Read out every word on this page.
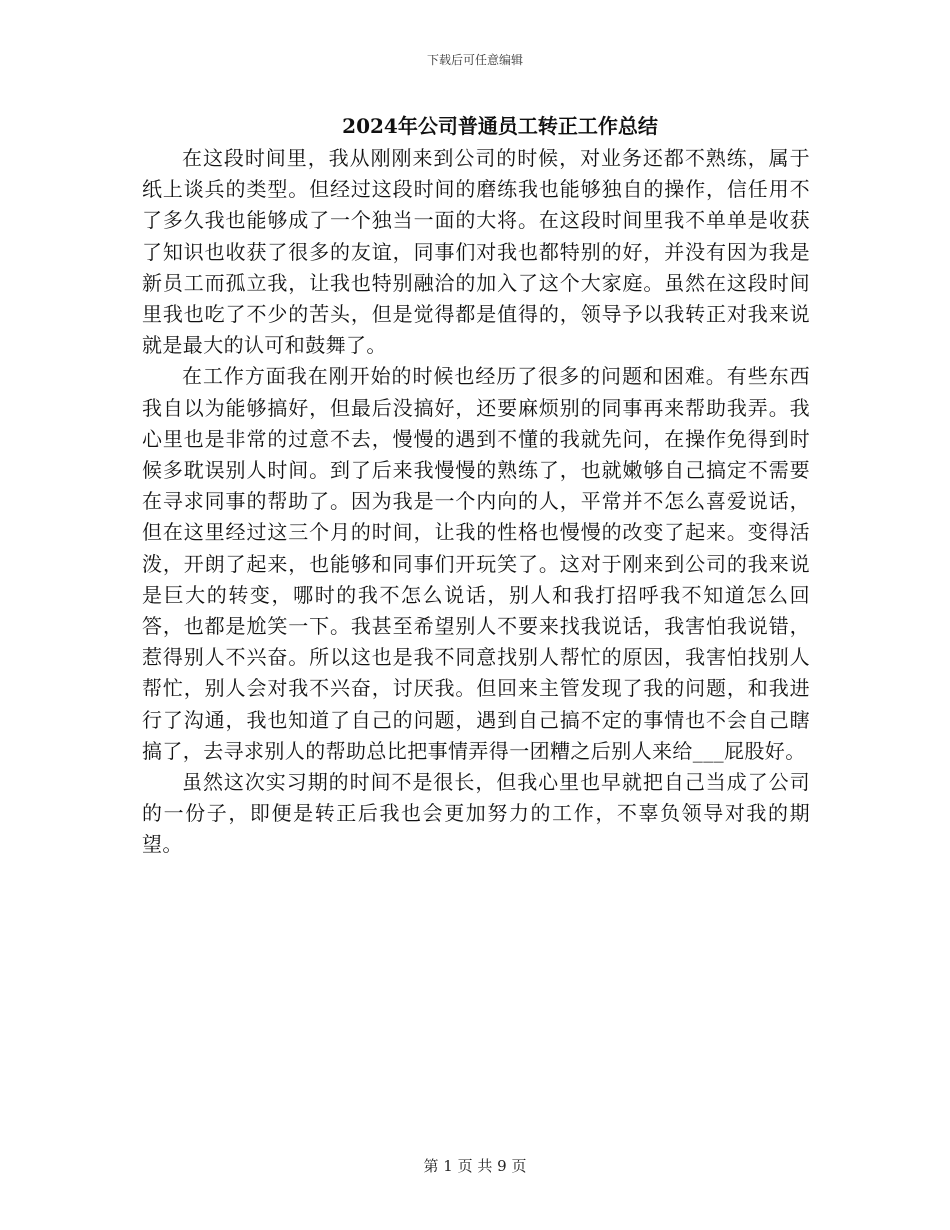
下载后可任意编辑
2024年公司普通员工转正工作总结

在这段时间里，我从刚刚来到公司的时候，对业务还都不熟练，属于纸上谈兵的类型。但经过这段时间的磨练我也能够独自的操作，信任用不了多久我也能够成了一个独当一面的大将。在这段时间里我不单单是收获了知识也收获了很多的友谊，同事们对我也都特别的好，并没有因为我是新员工而孤立我，让我也特别融洽的加入了这个大家庭。虽然在这段时间里我也吃了不少的苦头，但是觉得都是值得的，领导予以我转正对我来说就是最大的认可和鼓舞了。

在工作方面我在刚开始的时候也经历了很多的问题和困难。有些东西我自以为能够搞好，但最后没搞好，还要麻烦别的同事再来帮助我弄。我心里也是非常的过意不去，慢慢的遇到不懂的我就先问，在操作免得到时候多耽误别人时间。到了后来我慢慢的熟练了，也就嫩够自己搞定不需要在寻求同事的帮助了。因为我是一个内向的人，平常并不怎么喜爱说话，但在这里经过这三个月的时间，让我的性格也慢慢的改变了起来。变得活泼，开朗了起来，也能够和同事们开玩笑了。这对于刚来到公司的我来说是巨大的转变，哪时的我不怎么说话，别人和我打招呼我不知道怎么回答，也都是尬笑一下。我甚至希望别人不要来找我说话，我害怕我说错，惹得别人不兴奋。所以这也是我不同意找别人帮忙的原因，我害怕找别人帮忙，别人会对我不兴奋，讨厌我。但回来主管发现了我的问题，和我进行了沟通，我也知道了自己的问题，遇到自己搞不定的事情也不会自己瞎搞了，去寻求别人的帮助总比把事情弄得一团糟之后别人来给___屁股好。

虽然这次实习期的时间不是很长，但我心里也早就把自己当成了公司的一份子，即便是转正后我也会更加努力的工作，不辜负领导对我的期望。

第 1 页 共 9 页
